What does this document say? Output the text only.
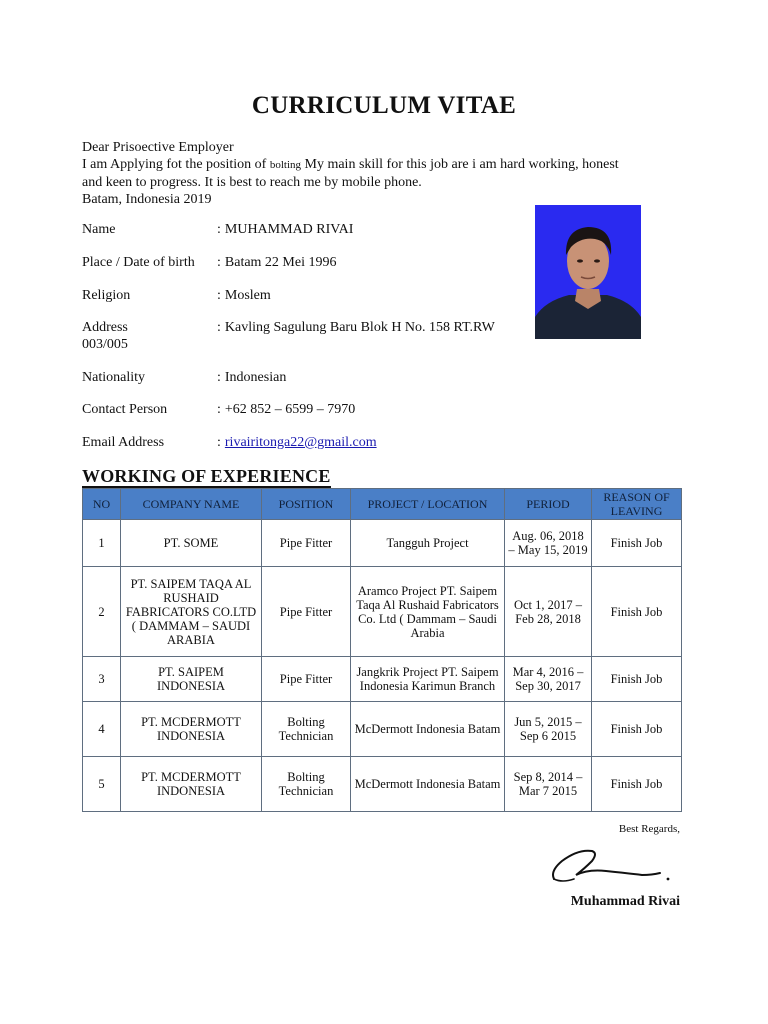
CURRICULUM VITAE
Dear Prisoective Employer
I am Applying fot the position of bolting My main skill for this job are i am hard working, honest
and keen to progress. It is best to reach me by mobile phone.
Batam, Indonesia 2019
Name	: MUHAMMAD RIVAI
Place / Date of birth : Batam 22 Mei 1996
Religion	: Moslem
Address	: Kavling Sagulung Baru Blok H No. 158 RT.RW
003/005
Nationality	: Indonesian
Contact Person	: +62 852 – 6599 – 7970
Email Address	: rivairitonga22@gmail.com
WORKING OF EXPERIENCE
NO	COMPANY NAME	POSITION	PROJECT / LOCATION	PERIOD	REASON OF
LEAVING

1	PT. SOME	Pipe Fitter	Tangguh Project	Aug. 06, 2018 – May 15, 2019	Finish Job
2	PT. SAIPEM TAQA AL RUSHAID FABRICATORS CO.LTD ( DAMMAM – SAUDI ARABIA	Pipe Fitter	Aramco Project PT. Saipem Taqa Al Rushaid Fabricators Co. Ltd ( Dammam – Saudi Arabia	Oct 1, 2017 – Feb 28, 2018	Finish Job
3	PT. SAIPEM INDONESIA	Pipe Fitter	Jangkrik Project PT. Saipem Indonesia Karimun Branch	Mar 4, 2016 – Sep 30, 2017	Finish Job
4	PT. MCDERMOTT INDONESIA	Bolting Technician	McDermott Indonesia Batam	Jun 5, 2015 – Sep 6 2015	Finish Job
5	PT. MCDERMOTT INDONESIA	Bolting Technician	McDermott Indonesia Batam	Sep 8, 2014 – Mar 7 2015	Finish Job
Best Regards,
Muhammad Rivai
